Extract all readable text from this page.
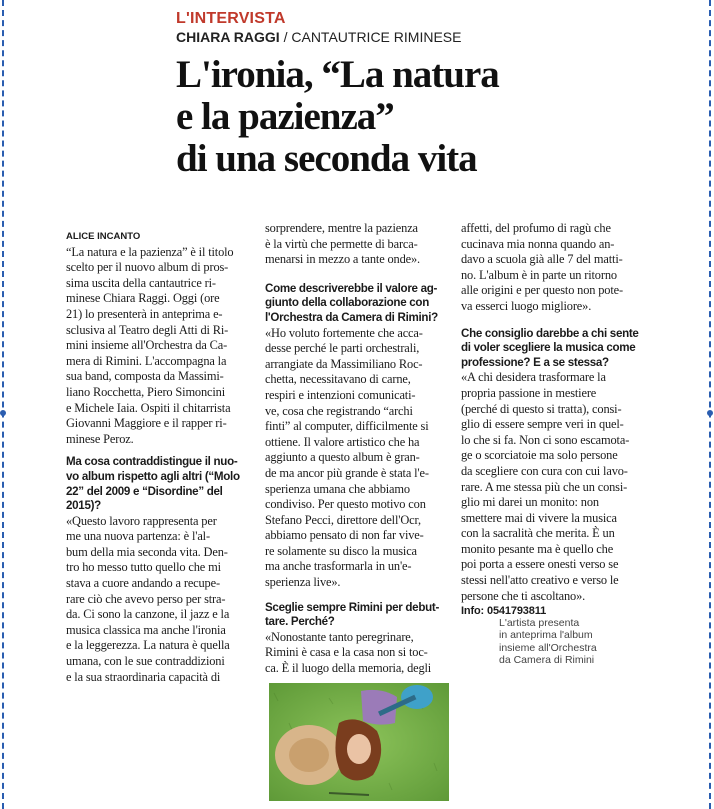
L'INTERVISTA
CHIARA RAGGI / CANTAUTRICE RIMINESE
L'ironia, “La natura
e la pazienza”
di una seconda vita
ALICE INCANTO
“La natura e la pazienza” è il titolo
scelto per il nuovo album di pros-
sima uscita della cantautrice ri-
minese Chiara Raggi. Oggi (ore
21) lo presenterà in anteprima e-
sclusiva al Teatro degli Atti di Ri-
mini insieme all'Orchestra da Ca-
mera di Rimini. L'accompagna la
sua band, composta da Massimi-
liano Rocchetta, Piero Simoncini
e Michele Iaia. Ospiti il chitarrista
Giovanni Maggiore e il rapper ri-
minese Peroz.
Ma cosa contraddistingue il nuo-
vo album rispetto agli altri (“Molo
22” del 2009 e “Disordine” del
2015)?
«Questo lavoro rappresenta per
me una nuova partenza: è l'al-
bum della mia seconda vita. Den-
tro ho messo tutto quello che mi
stava a cuore andando a recupe-
rare ciò che avevo perso per stra-
da. Ci sono la canzone, il jazz e la
musica classica ma anche l'ironia
e la leggerezza. La natura è quella
umana, con le sue contraddizioni
e la sua straordinaria capacità di
sorprendere, mentre la pazienza
è la virtù che permette di barca-
menarsi in mezzo a tante onde».
Come descriverebbe il valore ag-
giunto della collaborazione con
l'Orchestra da Camera di Rimini?
«Ho voluto fortemente che acca-
desse perché le parti orchestrali,
arrangiate da Massimiliano Roc-
chetta, necessitavano di carne,
respiri e intenzioni comunicati-
ve, cosa che registrando “archi
finti” al computer, difficilmente si
ottiene. Il valore artistico che ha
aggiunto a questo album è gran-
de ma ancor più grande è stata l'e-
sperienza umana che abbiamo
condiviso. Per questo motivo con
Stefano Pecci, direttore dell'Ocr,
abbiamo pensato di non far vive-
re solamente su disco la musica
ma anche trasformarla in un'e-
sperienza live».
Sceglie sempre Rimini per debut-
tare. Perché?
«Nonostante tanto peregrinare,
Rimini è casa e la casa non si toc-
ca. È il luogo della memoria, degli
affetti, del profumo di ragù che
cucinava mia nonna quando an-
davo a scuola già alle 7 del matti-
no. L'album è in parte un ritorno
alle origini e per questo non pote-
va esserci luogo migliore».
Che consiglio darebbe a chi sente
di voler scegliere la musica come
professione? E a se stessa?
«A chi desidera trasformare la
propria passione in mestiere
(perché di questo si tratta), consi-
glio di essere sempre veri in quel-
lo che si fa. Non ci sono escamota-
ge o scorciatoie ma solo persone
da scegliere con cura con cui lavo-
rare. A me stessa più che un consi-
glio mi darei un monito: non
smettere mai di vivere la musica
con la sacralità che merita. È un
monito pesante ma è quello che
poi porta a essere onesti verso se
stessi nell'atto creativo e verso le
persone che ti ascoltano».
Info: 0541793811
L'artista presenta
in anteprima l'album
insieme all'Orchestra
da Camera di Rimini
